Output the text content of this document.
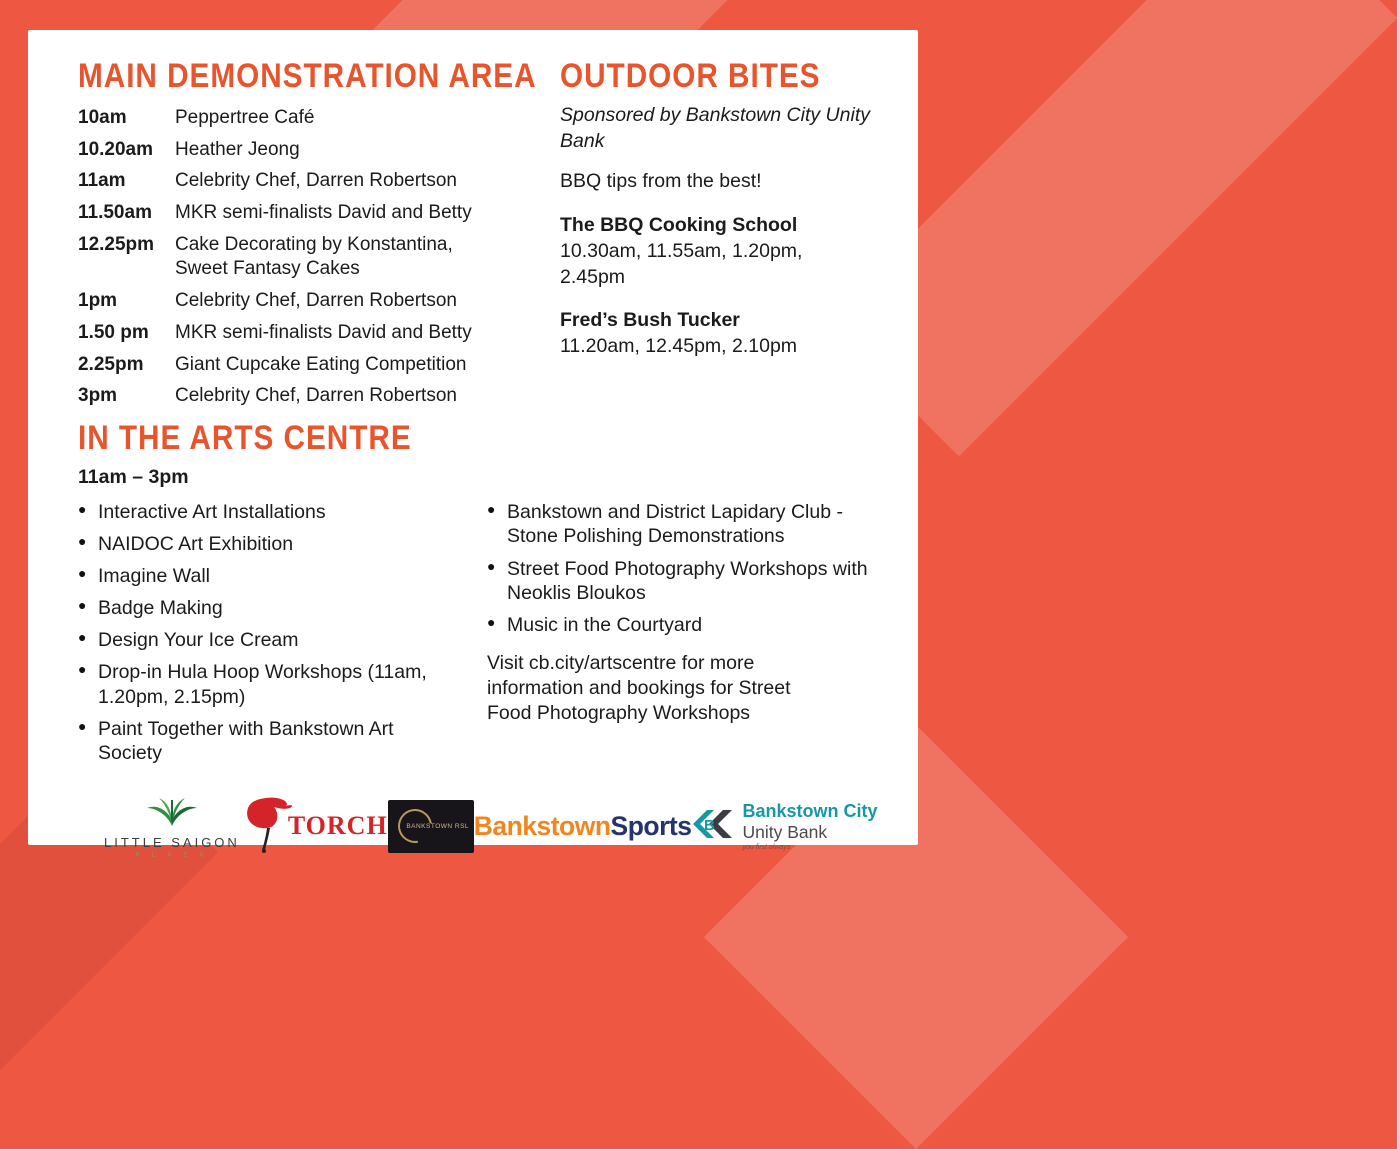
MAIN DEMONSTRATION AREA
10am	Peppertree Café
10.20am	Heather Jeong
11am	Celebrity Chef, Darren Robertson
11.50am	MKR semi-finalists David and Betty
12.25pm	Cake Decorating by Konstantina, Sweet Fantasy Cakes
1pm	Celebrity Chef, Darren Robertson
1.50 pm	MKR semi-finalists David and Betty
2.25pm	Giant Cupcake Eating Competition
3pm	Celebrity Chef, Darren Robertson
OUTDOOR BITES
Sponsored by Bankstown City Unity Bank
BBQ tips from the best!
The BBQ Cooking School
10.30am, 11.55am, 1.20pm, 2.45pm
Fred’s Bush Tucker
11.20am, 12.45pm, 2.10pm
IN THE ARTS CENTRE
11am – 3pm
● Interactive Art Installations
● NAIDOC Art Exhibition
● Imagine Wall
● Badge Making
● Design Your Ice Cream
● Drop-in Hula Hoop Workshops (11am, 1.20pm, 2.15pm)
● Paint Together with Bankstown Art Society
● Bankstown and District Lapidary Club - Stone Polishing Demonstrations
● Street Food Photography Workshops with Neoklis Bloukos
● Music in the Courtyard
Visit cb.city/artscentre for more information and bookings for Street Food Photography Workshops
LITTLE SAIGON
P L A Z A
TORCH	BANKSTOWN RSL Bankstown Sports B
Bankstown City
Unity Bank
you first always
